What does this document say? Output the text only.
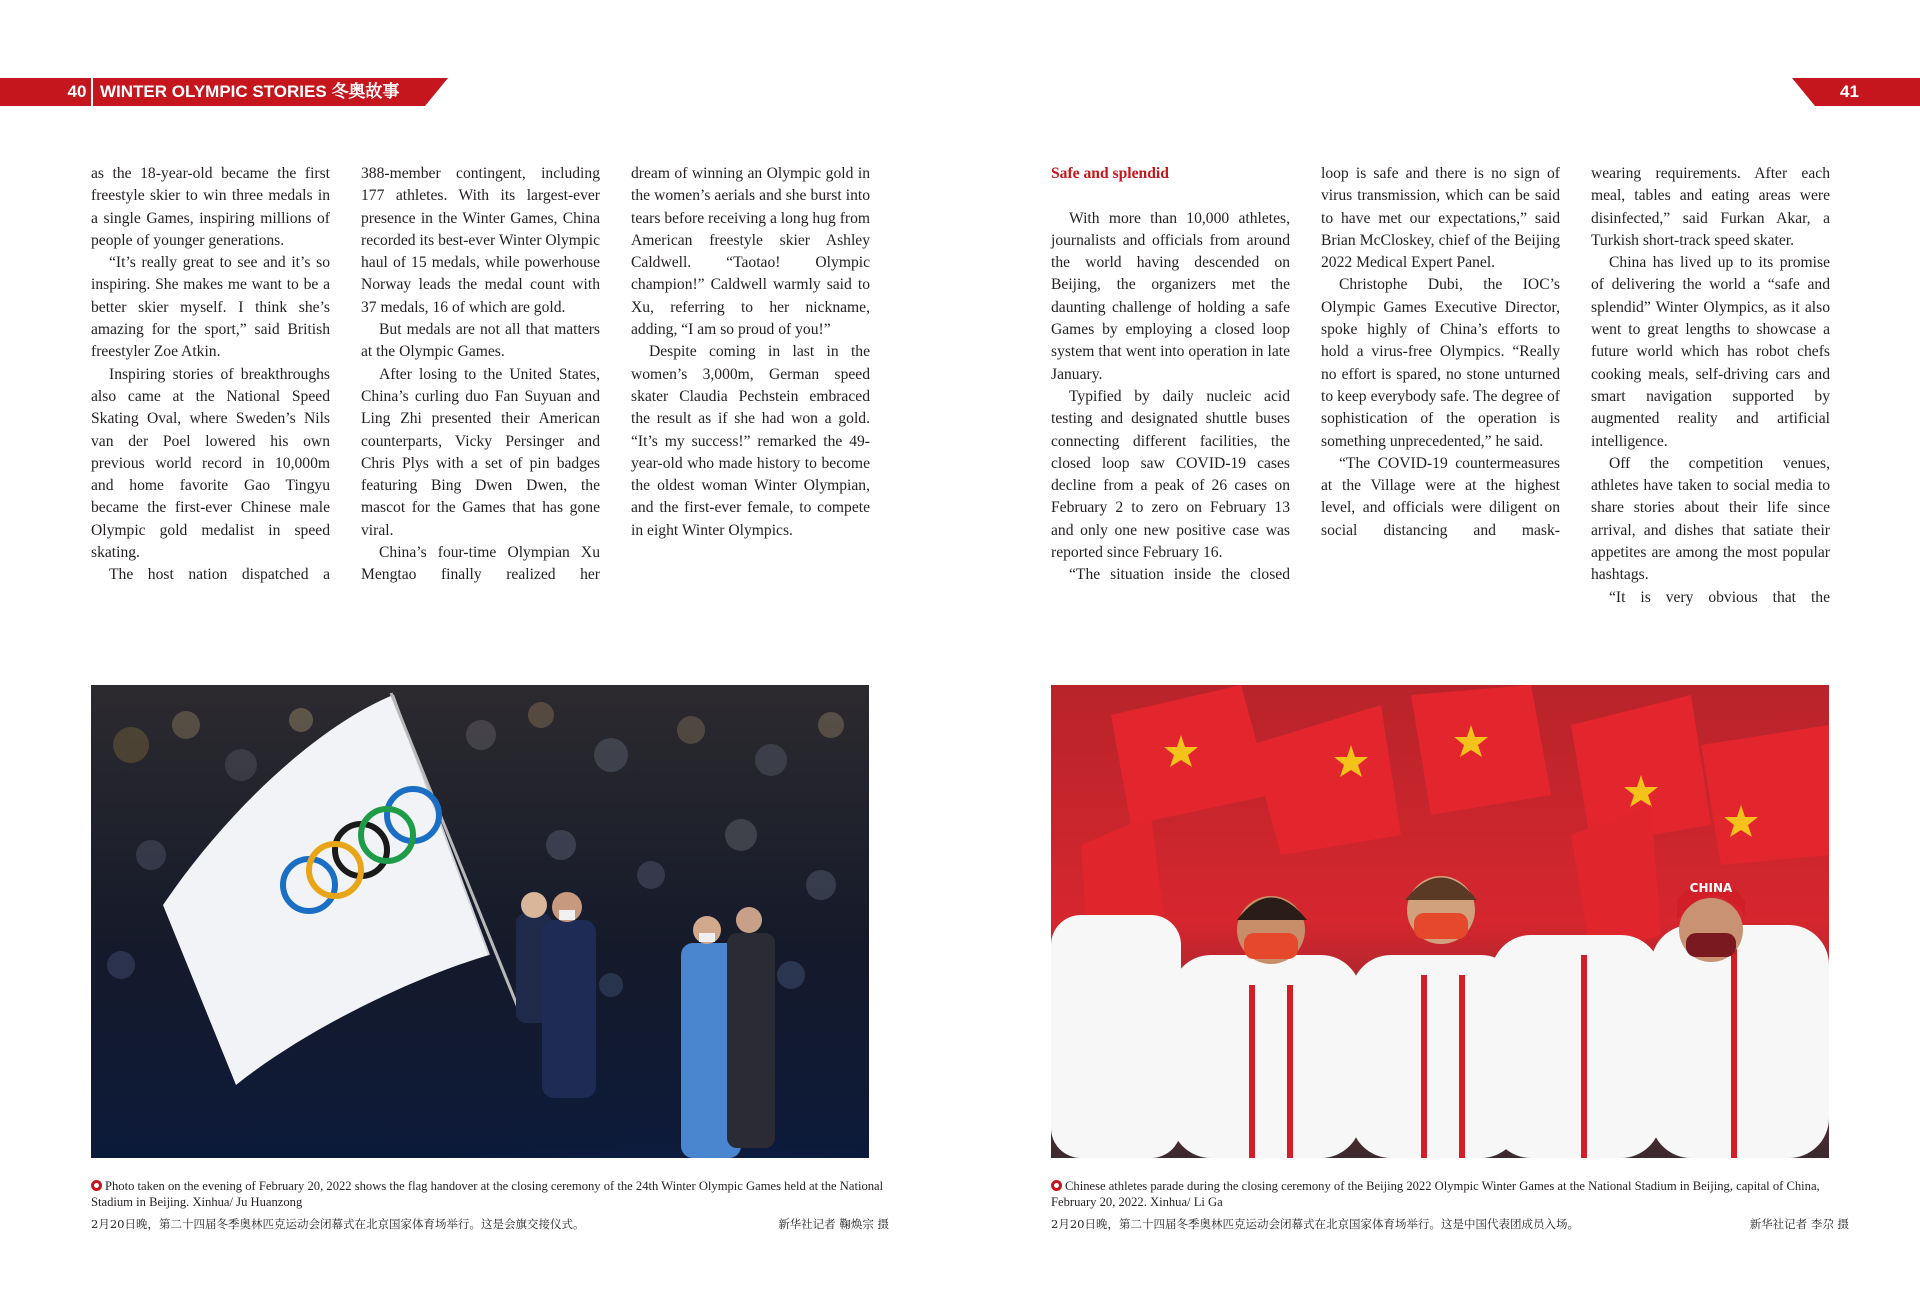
40 WINTER OLYMPIC STORIES 冬奥故事	41

as the 18-year-old became the first freestyle skier to win three medals in a single Games, inspiring millions of people of younger generations.

“It’s really great to see and it’s so inspiring. She makes me want to be a better skier myself. I think she’s amazing for the sport,” said British freestyler Zoe Atkin.

Inspiring stories of breakthroughs also came at the National Speed Skating Oval, where Sweden’s Nils van der Poel lowered his own previous world record in 10,000m and home favorite Gao Tingyu became the first-ever Chinese male Olympic gold medalist in speed skating.

The host nation dispatched a

388-member contingent, including 177 athletes. With its largest-ever presence in the Winter Games, China recorded its best-ever Winter Olympic haul of 15 medals, while powerhouse Norway leads the medal count with 37 medals, 16 of which are gold.

But medals are not all that matters at the Olympic Games.

After losing to the United States, China’s curling duo Fan Suyuan and Ling Zhi presented their American counterparts, Vicky Persinger and Chris Plys with a set of pin badges featuring Bing Dwen Dwen, the mascot for the Games that has gone viral.

China’s four-time Olympian Xu Mengtao finally realized her

dream of winning an Olympic gold in the women’s aerials and she burst into tears before receiving a long hug from American freestyle skier Ashley Caldwell. “Taotao! Olympic champion!” Caldwell warmly said to Xu, referring to her nickname, adding, “I am so proud of you!”

Despite coming in last in the women’s 3,000m, German speed skater Claudia Pechstein embraced the result as if she had won a gold. “It’s my success!” remarked the 49-year-old who made history to become the oldest woman Winter Olympian, and the first-ever female, to compete in eight Winter Olympics.

Safe and splendid

With more than 10,000 athletes, journalists and officials from around the world having descended on Beijing, the organizers met the daunting challenge of holding a safe Games by employing a closed loop system that went into operation in late January.

Typified by daily nucleic acid testing and designated shuttle buses connecting different facilities, the closed loop saw COVID-19 cases decline from a peak of 26 cases on February 2 to zero on February 13 and only one new positive case was reported since February 16.

“The situation inside the closed

loop is safe and there is no sign of virus transmission, which can be said to have met our expectations,” said Brian McCloskey, chief of the Beijing 2022 Medical Expert Panel.

Christophe Dubi, the IOC’s Olympic Games Executive Director, spoke highly of China’s efforts to hold a virus-free Olympics. “Really no effort is spared, no stone unturned to keep everybody safe. The degree of sophistication of the operation is something unprecedented,” he said.

“The COVID-19 countermeasures at the Village were at the highest level, and officials were diligent on social distancing and mask-

wearing requirements. After each meal, tables and eating areas were disinfected,” said Furkan Akar, a Turkish short-track speed skater.

China has lived up to its promise of delivering the world a “safe and splendid” Winter Olympics, as it also went to great lengths to showcase a future world which has robot chefs cooking meals, self-driving cars and smart navigation supported by augmented reality and artificial intelligence.

Off the competition venues, athletes have taken to social media to share stories about their life since arrival, and dishes that satiate their appetites are among the most popular hashtags.

“It is very obvious that the

CHINA
Photo taken on the evening of February 20, 2022 shows the flag handover at the closing ceremony of the 24th Winter Olympic Games held at the National Stadium in Beijing. Xinhua/ Ju Huanzong
2月20日晚，第二十四届冬季奥林匹克运动会闭幕式在北京国家体育场举行。这是会旗交接仪式。	新华社记者 鞠焕宗 摄
Chinese athletes parade during the closing ceremony of the Beijing 2022 Olympic Winter Games at the National Stadium in Beijing, capital of China, February 20, 2022. Xinhua/ Li Ga
2月20日晚，第二十四届冬季奥林匹克运动会闭幕式在北京国家体育场举行。这是中国代表团成员入场。	新华社记者 李尕 摄
